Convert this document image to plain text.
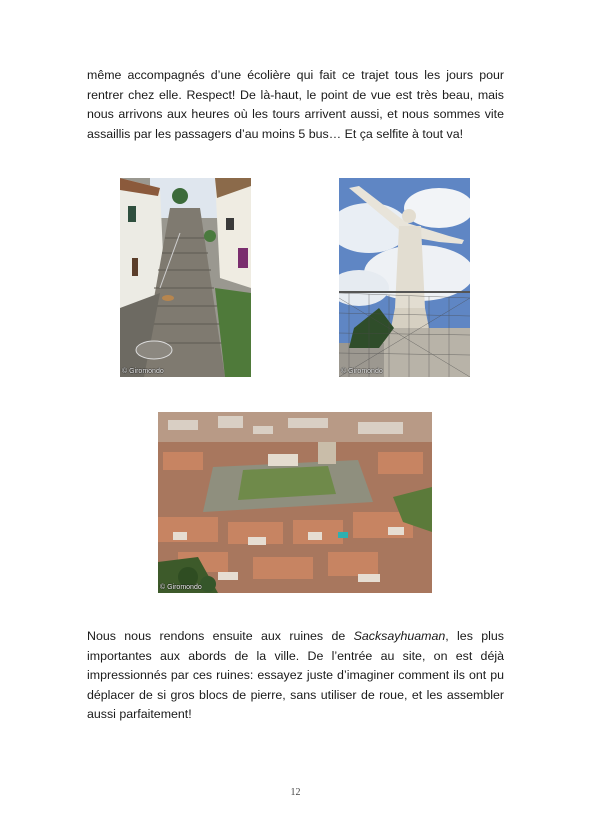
même accompagnés d’une écolière qui fait ce trajet tous les jours pour rentrer chez elle. Respect! De là-haut, le point de vue est très beau, mais nous arrivons aux heures où les tours arrivent aussi, et nous sommes vite assaillis par les passagers d’au moins 5 bus… Et ça selfite à tout va!

© Giromondo	© Giromondo
© Giromondo

Nous nous rendons ensuite aux ruines de Sacksayhuaman, les plus importantes aux abords de la ville. De l’entrée au site, on est déjà impressionnés par ces ruines: essayez juste d’imaginer comment ils ont pu déplacer de si gros blocs de pierre, sans utiliser de roue, et les assembler aussi parfaitement!

12
